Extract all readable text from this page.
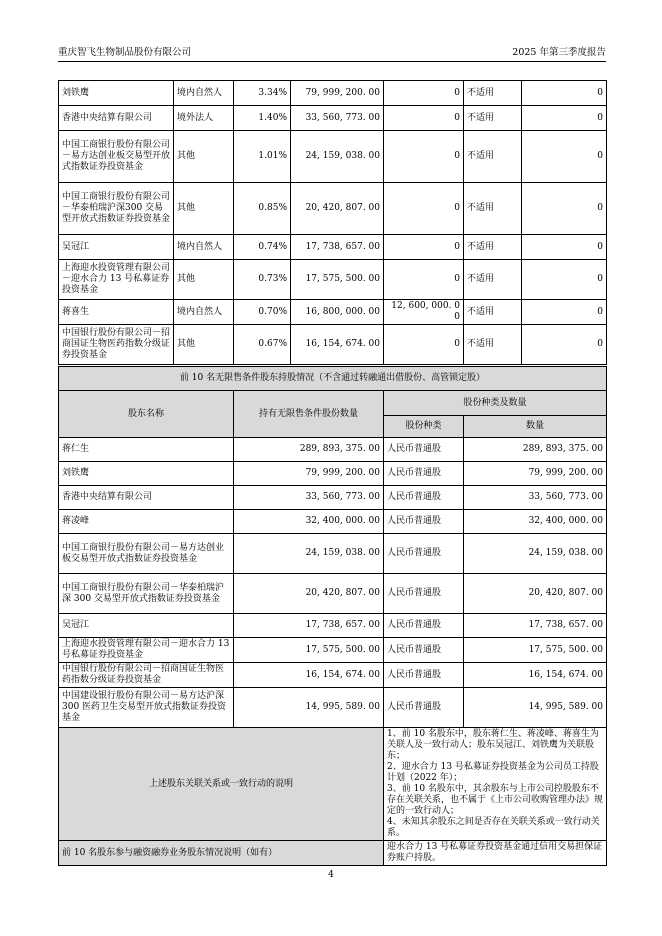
重庆智飞生物制品股份有限公司	2025 年第三季度报告
刘铁鹰	境内自然人	3.34%	79, 999, 200. 00	0	不适用	0
香港中央结算有限公司	境外法人	1.40%	33, 560, 773. 00	0	不适用	0
中国工商银行股份有限公司－易方达创业板交易型开放式指数证券投资基金	其他	1.01%	24, 159, 038. 00	0	不适用	0
中国工商银行股份有限公司－华泰柏瑞沪深300 交易型开放式指数证券投资基金	其他	0.85%	20, 420, 807. 00	0	不适用	0
吴冠江	境内自然人	0.74%	17, 738, 657. 00	0	不适用	0
上海迎水投资管理有限公司－迎水合力 13 号私募证券投资基金	其他	0.73%	17, 575, 500. 00	0	不适用	0
蒋喜生	境内自然人	0.70%	16, 800, 000. 00	12, 600, 000. 00	不适用	0
中国银行股份有限公司－招商国证生物医药指数分级证券投资基金	其他	0.67%	16, 154, 674. 00	0	不适用	0
前 10 名无限售条件股东持股情况（不含通过转融通出借股份、高管锁定股）			
股东名称	持有无限售条件股份数量	股份种类及数量	
		股份种类	数量
蒋仁生	289, 893, 375. 00	人民币普通股	289, 893, 375. 00
刘铁鹰	79, 999, 200. 00	人民币普通股	79, 999, 200. 00
香港中央结算有限公司	33, 560, 773. 00	人民币普通股	33, 560, 773. 00
蒋凌峰	32, 400, 000. 00	人民币普通股	32, 400, 000. 00
中国工商银行股份有限公司－易方达创业板交易型开放式指数证券投资基金	24, 159, 038. 00	人民币普通股	24, 159, 038. 00
中国工商银行股份有限公司－华泰柏瑞沪深 300 交易型开放式指数证券投资基金	20, 420, 807. 00	人民币普通股	20, 420, 807. 00
吴冠江	17, 738, 657. 00	人民币普通股	17, 738, 657. 00
上海迎水投资管理有限公司－迎水合力 13 号私募证券投资基金	17, 575, 500. 00	人民币普通股	17, 575, 500. 00
中国银行股份有限公司－招商国证生物医药指数分级证券投资基金	16, 154, 674. 00	人民币普通股	16, 154, 674. 00
中国建设银行股份有限公司－易方达沪深 300 医药卫生交易型开放式指数证券投资基金	14, 995, 589. 00	人民币普通股	14, 995, 589. 00
上述股东关联关系或一致行动的说明		1、前 10 名股东中，股东蒋仁生、蒋凌峰、蒋喜生为关联人及一致行动人；股东吴冠江、刘铁鹰为关联股东；
2、迎水合力 13 号私募证券投资基金为公司员工持股计划（2022 年）；
3、前 10 名股东中，其余股东与上市公司控股股东不存在关联关系，也不属于《上市公司收购管理办法》规定的一致行动人；
4、未知其余股东之间是否存在关联关系或一致行动关系。	

前 10 名股东参与融资融券业务股东情况说明（如有）		迎水合力 13 号私募证券投资基金通过信用交易担保证券账户持股。	
4
